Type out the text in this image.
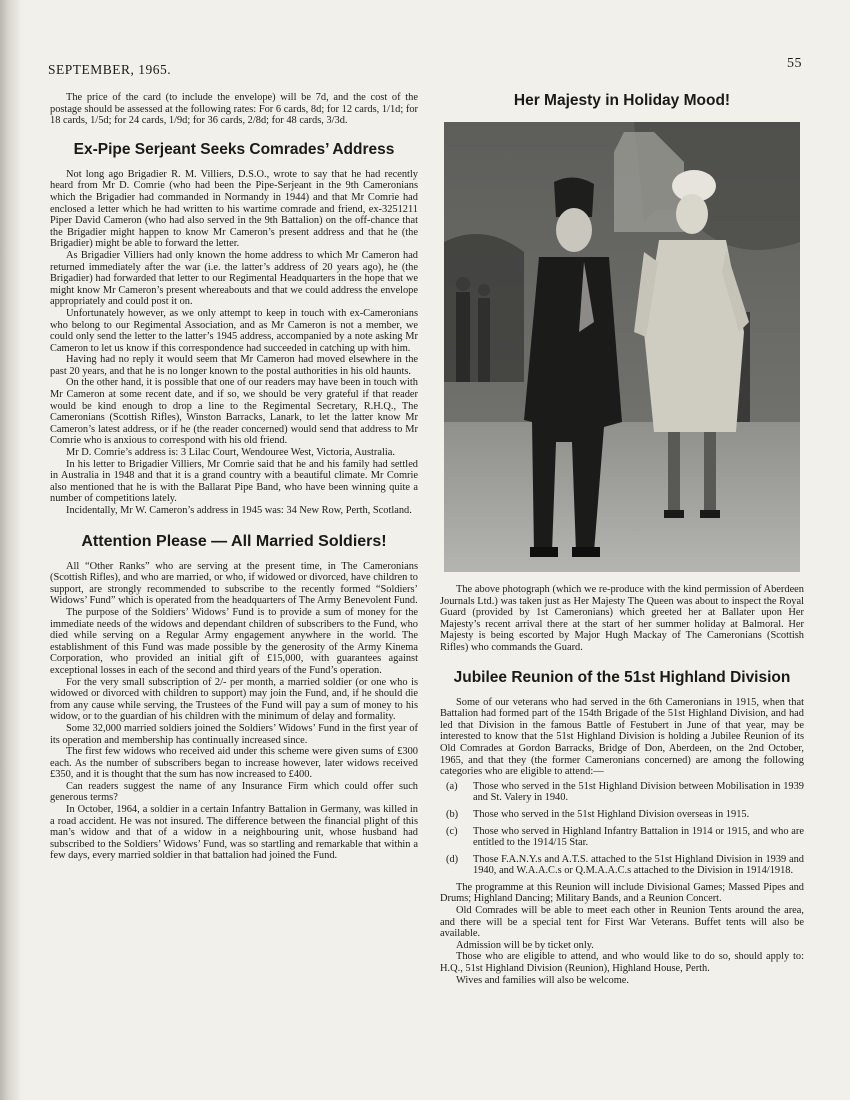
SEPTEMBER, 1965.	55

The price of the card (to include the envelope) will be 7d, and the cost of the postage should be assessed at the following rates: For 6 cards, 8d; for 12 cards, 1/1d; for 18 cards, 1/5d; for 24 cards, 1/9d; for 36 cards, 2/8d; for 48 cards, 3/3d.

Ex-Pipe Serjeant Seeks Comrades’ Address

Not long ago Brigadier R. M. Villiers, D.S.O., wrote to say that he had recently heard from Mr D. Comrie (who had been the Pipe-Serjeant in the 9th Cameronians which the Brigadier had commanded in Normandy in 1944) and that Mr Comrie had enclosed a letter which he had written to his wartime comrade and friend, ex-3251211 Piper David Cameron (who had also served in the 9th Battalion) on the off-chance that the Brigadier might happen to know Mr Cameron’s present address and that he (the Brigadier) might be able to forward the letter.

As Brigadier Villiers had only known the home address to which Mr Cameron had returned immediately after the war (i.e. the latter’s address of 20 years ago), he (the Brigadier) had forwarded that letter to our Regimental Headquarters in the hope that we might know Mr Cameron’s present whereabouts and that we could address the envelope appropriately and could post it on.

Unfortunately however, as we only attempt to keep in touch with ex-Cameronians who belong to our Regimental Association, and as Mr Cameron is not a member, we could only send the letter to the latter’s 1945 address, accompanied by a note asking Mr Cameron to let us know if this correspondence had succeeded in catching up with him.

Having had no reply it would seem that Mr Cameron had moved elsewhere in the past 20 years, and that he is no longer known to the postal authorities in his old haunts.

On the other hand, it is possible that one of our readers may have been in touch with Mr Cameron at some recent date, and if so, we should be very grateful if that reader would be kind enough to drop a line to the Regimental Secretary, R.H.Q., The Cameronians (Scottish Rifles), Winston Barracks, Lanark, to let the latter know Mr Cameron’s latest address, or if he (the reader concerned) would send that address to Mr Comrie who is anxious to correspond with his old friend.

Mr D. Comrie’s address is: 3 Lilac Court, Wendouree West, Victoria, Australia.

In his letter to Brigadier Villiers, Mr Comrie said that he and his family had settled in Australia in 1948 and that it is a grand country with a beautiful climate. Mr Comrie also mentioned that he is with the Ballarat Pipe Band, who have been winning quite a number of competitions lately.

Incidentally, Mr W. Cameron’s address in 1945 was: 34 New Row, Perth, Scotland.

Attention Please — All Married Soldiers!

All “Other Ranks” who are serving at the present time, in The Cameronians (Scottish Rifles), and who are married, or who, if widowed or divorced, have children to support, are strongly recommended to subscribe to the recently formed “Soldiers’ Widows’ Fund” which is operated from the headquarters of The Army Benevolent Fund.

The purpose of the Soldiers’ Widows’ Fund is to provide a sum of money for the immediate needs of the widows and dependant children of subscribers to the Fund, who died while serving on a Regular Army engagement anywhere in the world. The establishment of this Fund was made possible by the generosity of the Army Kinema Corporation, who provided an initial gift of £15,000, with guarantees against exceptional losses in each of the second and third years of the Fund’s operation.

For the very small subscription of 2/- per month, a married soldier (or one who is widowed or divorced with children to support) may join the Fund, and, if he should die from any cause while serving, the Trustees of the Fund will pay a sum of money to his widow, or to the guardian of his children with the minimum of delay and formality.

Some 32,000 married soldiers joined the Soldiers’ Widows’ Fund in the first year of its operation and membership has continually increased since.

The first few widows who received aid under this scheme were given sums of £300 each. As the number of subscribers began to increase however, later widows received £350, and it is thought that the sum has now increased to £400.

Can readers suggest the name of any Insurance Firm which could offer such generous terms?

In October, 1964, a soldier in a certain Infantry Battalion in Germany, was killed in a road accident. He was not insured. The difference between the financial plight of this man’s widow and that of a widow in a neighbouring unit, whose husband had subscribed to the Soldiers’ Widows’ Fund, was so startling and remarkable that within a few days, every married soldier in that battalion had joined the Fund.

Her Majesty in Holiday Mood!

The above photograph (which we re-produce with the kind permission of Aberdeen Journals Ltd.) was taken just as Her Majesty The Queen was about to inspect the Royal Guard (provided by 1st Cameronians) which greeted her at Ballater upon Her Majesty’s recent arrival there at the start of her summer holiday at Balmoral. Her Majesty is being escorted by Major Hugh Mackay of The Cameronians (Scottish Rifles) who commands the Guard.

Jubilee Reunion of the 51st Highland Division

Some of our veterans who had served in the 6th Cameronians in 1915, when that Battalion had formed part of the 154th Brigade of the 51st Highland Division, and had led that Division in the famous Battle of Festubert in June of that year, may be interested to know that the 51st Highland Division is holding a Jubilee Reunion of its Old Comrades at Gordon Barracks, Bridge of Don, Aberdeen, on the 2nd October, 1965, and that they (the former Cameronians concerned) are among the following categories who are eligible to attend:—

(a) Those who served in the 51st Highland Division between Mobilisation in 1939 and St. Valery in 1940.
(b) Those who served in the 51st Highland Division overseas in 1915.
(c) Those who served in Highland Infantry Battalion in 1914 or 1915, and who are entitled to the 1914/15 Star.
(d) Those F.A.N.Y.s and A.T.S. attached to the 51st Highland Division in 1939 and 1940, and W.A.A.C.s or Q.M.A.A.C.s attached to the Division in 1914/1918.

The programme at this Reunion will include Divisional Games; Massed Pipes and Drums; Highland Dancing; Military Bands, and a Reunion Concert.

Old Comrades will be able to meet each other in Reunion Tents around the area, and there will be a special tent for First War Veterans. Buffet tents will also be available.

Admission will be by ticket only.

Those who are eligible to attend, and who would like to do so, should apply to: H.Q., 51st Highland Division (Reunion), Highland House, Perth.

Wives and families will also be welcome.
